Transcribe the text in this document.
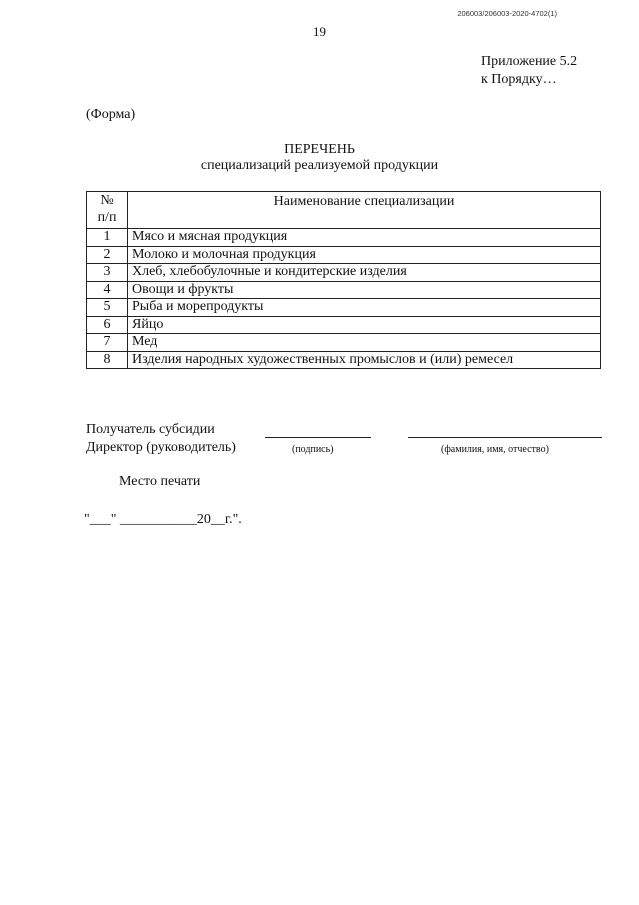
206003/206003-2020-4702(1)
19
Приложение 5.2
к Порядку…
(Форма)
ПЕРЕЧЕНЬ
специализаций реализуемой продукции
№
п/п	Наименование специализации
1	Мясо и мясная продукция
2	Молоко и молочная продукция
3	Хлеб, хлебобулочные и кондитерские изделия
4	Овощи и фрукты
5	Рыба и морепродукты
6	Яйцо
7	Мед
8	Изделия народных художественных промыслов и (или) ремесел
Получатель субсидии
Директор (руководитель)	(подпись)	(фамилия, имя, отчество)
Место печати
"___" ___________20__г.".
